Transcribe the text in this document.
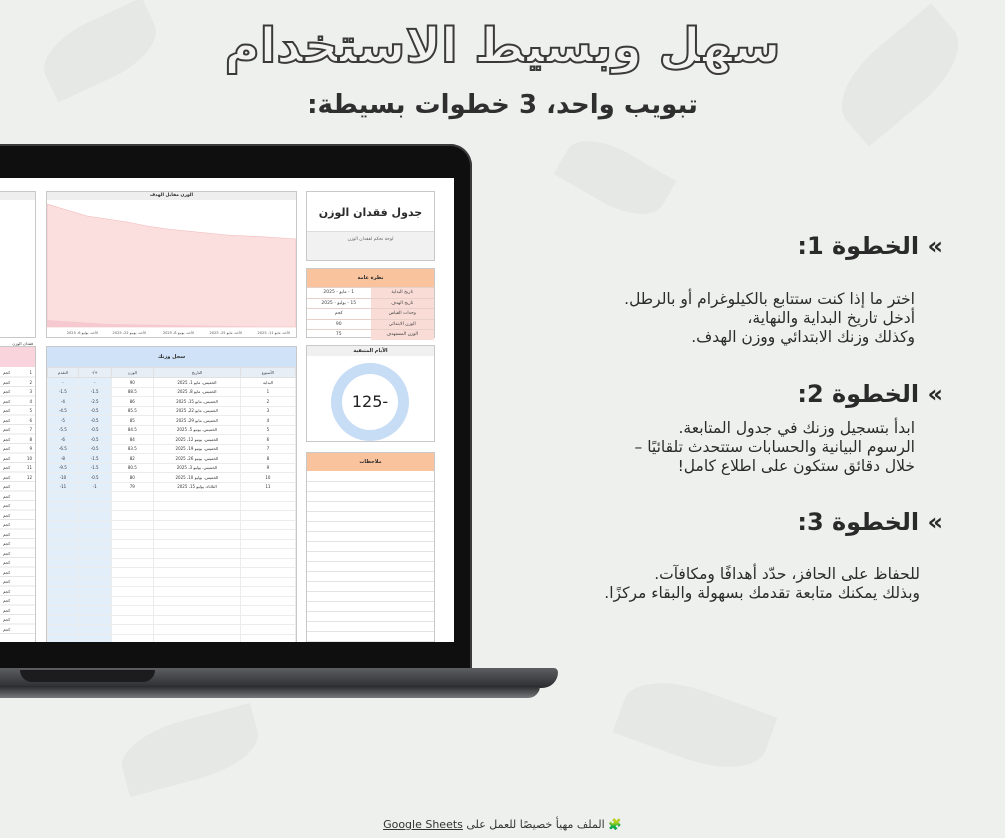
سهل وبسيط الاستخدام
تبويب واحد، 3 خطوات بسيطة:
فقدان الوزن
كجم	1
كجم	2
كجم	3
كجم	4
كجم	5
كجم	6
كجم	7
كجم	8
كجم	9
كجم	10
كجم	11
كجم	12
كجم
كجم
كجم
كجم
كجم
كجم
كجم
كجم
كجم
كجم
كجم
كجم
كجم
كجم
كجم
كجم
جدول فقدان الوزن
لوحة تحكم لفقدان الوزن
نظرة عامة
تاريخ البداية
1 - مايو - 2025
تاريخ الهدف
15 - يوليو - 2025
وحدات القياس
كجم
الوزن الابتدائي
90
الوزن المستهدف
75
الأيام المتبقية
125-
ملاحظات
الوزن مقابل الهدف
الأحد، مايو 11، 2025
الأحد، مايو 25، 2025
الأحد، يونيو 8، 2025
الأحد، يونيو 22، 2025
الأحد، يوليو 6، 2025
سجل وزنك
الأسبوع	التاريخ	الوزن	+/-	التقدم
البداية	الخميس، مايو 1، 2025	90	-	-
1	الخميس، مايو 8، 2025	88.5	1.5-	1.5-
2	الخميس، مايو 15، 2025	86	2.5-	4-
3	الخميس، مايو 22، 2025	85.5	0.5-	4.5-
4	الخميس، مايو 29، 2025	85	0.5-	5-
5	الخميس، يونيو 5، 2025	84.5	0.5-	5.5-
6	الخميس، يونيو 12، 2025	84	0.5-	6-
7	الخميس، يونيو 19، 2025	83.5	0.5-	6.5-
8	الخميس، يونيو 26، 2025	82	1.5-	8-
9	الخميس، يوليو 3، 2025	80.5	1.5-	9.5-
10	الخميس، يوليو 10، 2025	80	0.5-	10-
11	الثلاثاء، يوليو 15، 2025	79	1-	11-

» الخطوة 1:
اختر ما إذا كنت ستتابع بالكيلوغرام أو بالرطل.
أدخل تاريخ البداية والنهاية،
وكذلك وزنك الابتدائي ووزن الهدف.
» الخطوة 2:
ابدأ بتسجيل وزنك في جدول المتابعة.
الرسوم البيانية والحسابات ستتحدث تلقائيًا –
خلال دقائق ستكون على اطلاع كامل!
» الخطوة 3:
للحفاظ على الحافز، حدّد أهدافًا ومكافآت.
وبذلك يمكنك متابعة تقدمك بسهولة والبقاء مركزًا.
🧩 الملف مهيأ خصيصًا للعمل على Google Sheets
